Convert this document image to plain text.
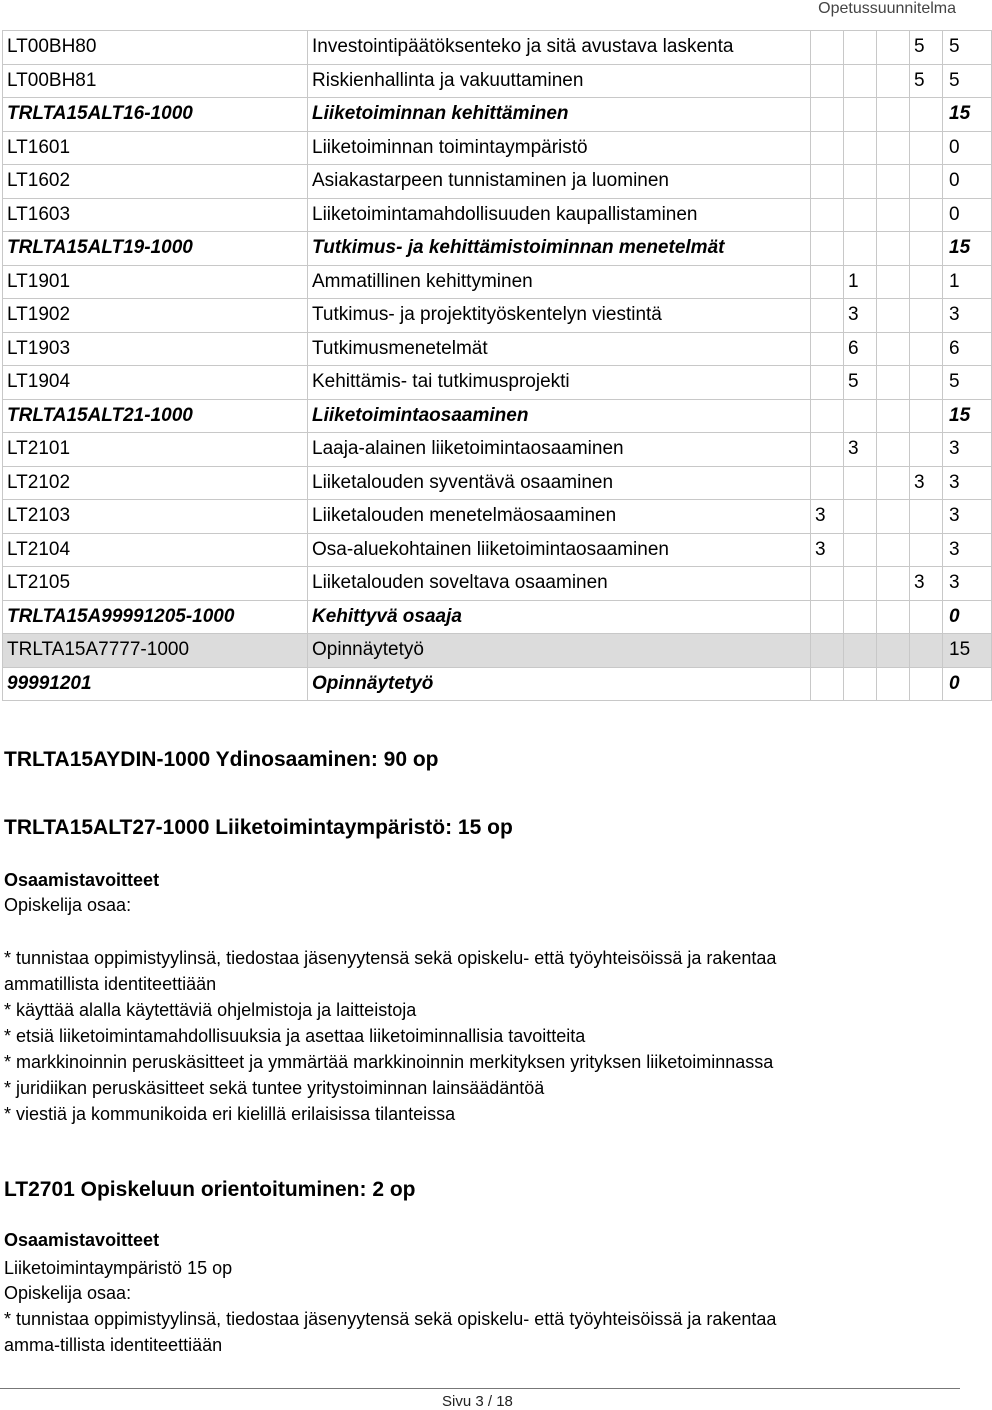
Opetussuunnitelma
LT00BH80	Investointipäätöksenteko ja sitä avustava laskenta				5	5
LT00BH81	Riskienhallinta ja vakuuttaminen				5	5
TRLTA15ALT16-1000	Liiketoiminnan kehittäminen					15
LT1601	Liiketoiminnan toimintaympäristö					0
LT1602	Asiakastarpeen tunnistaminen ja luominen					0
LT1603	Liiketoimintamahdollisuuden kaupallistaminen					0
TRLTA15ALT19-1000	Tutkimus- ja kehittämistoiminnan menetelmät					15
LT1901	Ammatillinen kehittyminen		1			1
LT1902	Tutkimus- ja projektityöskentelyn viestintä		3			3
LT1903	Tutkimusmenetelmät		6			6
LT1904	Kehittämis- tai tutkimusprojekti		5			5
TRLTA15ALT21-1000	Liiketoimintaosaaminen					15
LT2101	Laaja-alainen liiketoimintaosaaminen		3			3
LT2102	Liiketalouden syventävä osaaminen				3	3
LT2103	Liiketalouden menetelmäosaaminen	3				3
LT2104	Osa-aluekohtainen liiketoimintaosaaminen	3				3
LT2105	Liiketalouden soveltava osaaminen				3	3
TRLTA15A99991205-1000	Kehittyvä osaaja					0
TRLTA15A7777-1000	Opinnäytetyö					15
99991201	Opinnäytetyö					0
TRLTA15AYDIN-1000 Ydinosaaminen: 90 op
TRLTA15ALT27-1000 Liiketoimintaympäristö: 15 op
Osaamistavoitteet
Opiskelija osaa:
* tunnistaa oppimistyylinsä, tiedostaa jäsenyytensä sekä opiskelu- että työyhteisöissä ja rakentaa
ammatillista identiteettiään
* käyttää alalla käytettäviä ohjelmistoja ja laitteistoja
* etsiä liiketoimintamahdollisuuksia ja asettaa liiketoiminnallisia tavoitteita
* markkinoinnin peruskäsitteet ja ymmärtää markkinoinnin merkityksen yrityksen liiketoiminnassa
* juridiikan peruskäsitteet sekä tuntee yritystoiminnan lainsäädäntöä
* viestiä ja kommunikoida eri kielillä erilaisissa tilanteissa
LT2701 Opiskeluun orientoituminen: 2 op
Osaamistavoitteet
Liiketoimintaympäristö 15 op
Opiskelija osaa:
* tunnistaa oppimistyylinsä, tiedostaa jäsenyytensä sekä opiskelu- että työyhteisöissä ja rakentaa
amma-tillista identiteettiään
Sivu 3 / 18
